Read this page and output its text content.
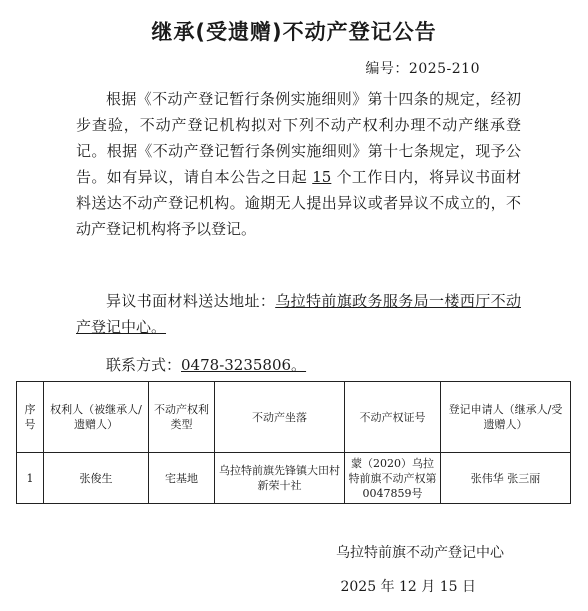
继承(受遗赠)不动产登记公告
编号：2025-210

根据《不动产登记暂行条例实施细则》第十四条的规定，经初步查验，不动产登记机构拟对下列不动产权利办理不动产继承登记。根据《不动产登记暂行条例实施细则》第十七条规定，现予公告。如有异议，请自本公告之日起 15 个工作日内，将异议书面材料送达不动产登记机构。逾期无人提出异议或者异议不成立的，不动产登记机构将予以登记。

异议书面材料送达地址：乌拉特前旗政务服务局一楼西厅不动产登记中心。

联系方式：0478-3235806。
序号	权利人（被继承人/遗赠人）	不动产权利类型	不动产坐落	不动产权证号	登记申请人（继承人/受遗赠人）
1	张俊生	宅基地	乌拉特前旗先锋镇大田村新荣十社	蒙（2020）乌拉特前旗不动产权第0047859号	张伟华 张三丽
乌拉特前旗不动产登记中心
2025 年 12 月 15 日
